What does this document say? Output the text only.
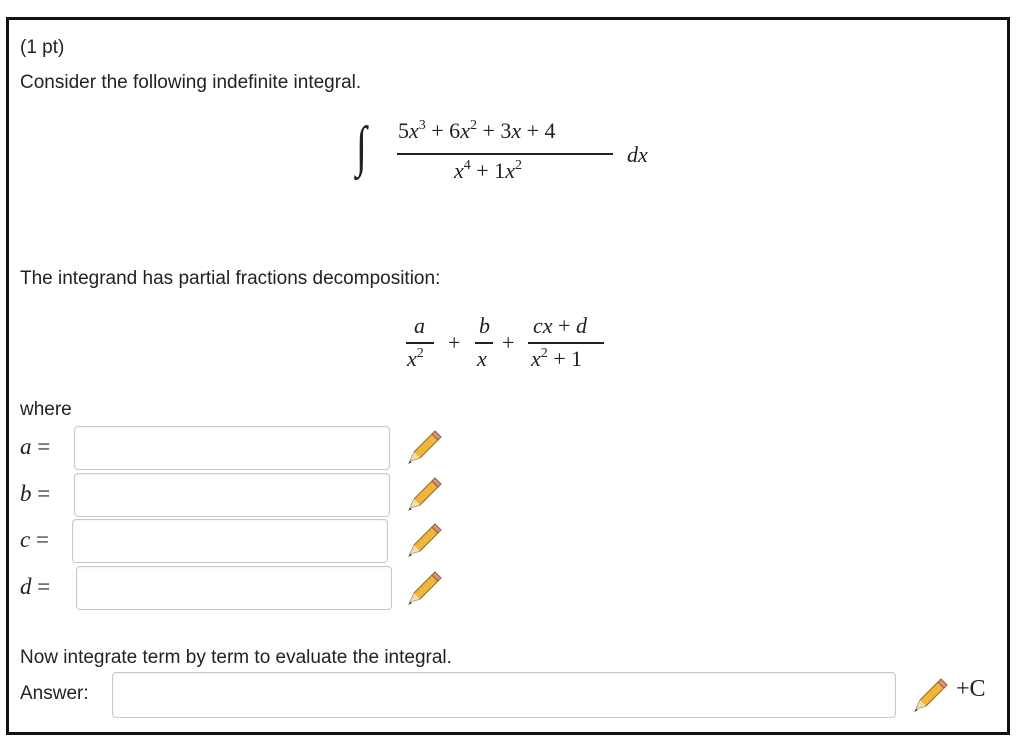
(1 pt)
Consider the following indefinite integral.
∫ $5x^3 + 6x^2 + 3x + 4$
$x^4 + 1x^2$	dx
The integrand has partial fractions decomposition:
a
$x^2$ +
b
x
+
cx + d
$x^2 + 1$
where
a =
b =
c =
d =
Now integrate term by term to evaluate the integral.
Answer:	+C
